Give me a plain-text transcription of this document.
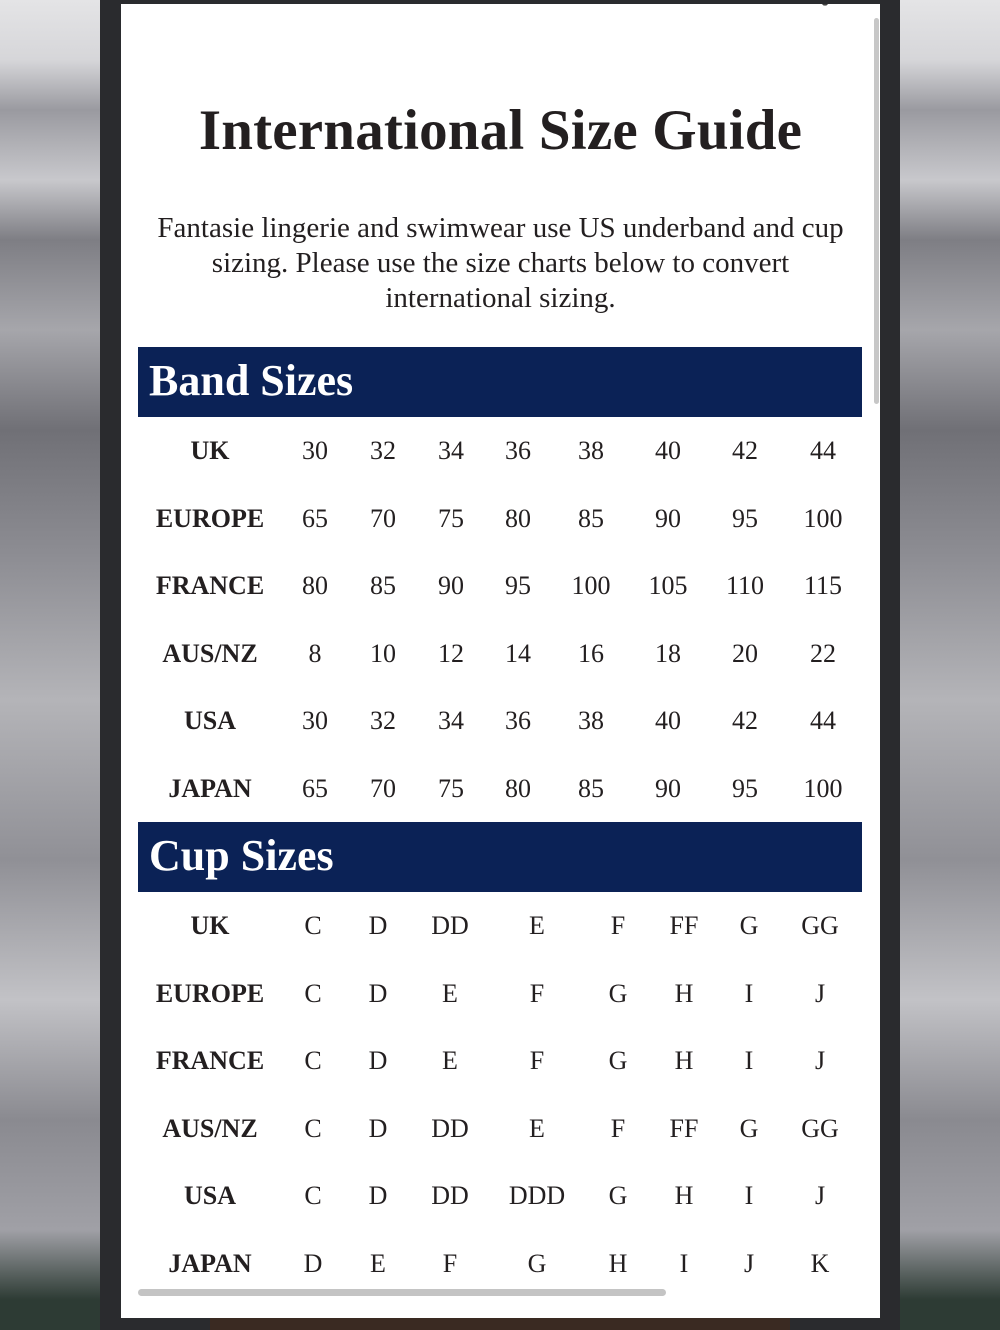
International Size Guide

Fantasie lingerie and swimwear use US underband and cup sizing. Please use the size charts below to convert international sizing.

Band Sizes
UK	30	32	34	36	38	40	42	44
EUROPE	65	70	75	80	85	90	95	100
FRANCE	80	85	90	95	100	105	110	115
AUS/NZ	8	10	12	14	16	18	20	22
USA	30	32	34	36	38	40	42	44
JAPAN	65	70	75	80	85	90	95	100
Cup Sizes
UK	C	D	DD	E	F	FF	G	GG
EUROPE	C	D	E	F	G	H	I	J
FRANCE	C	D	E	F	G	H	I	J
AUS/NZ	C	D	DD	E	F	FF	G	GG
USA	C	D	DD	DDD	G	H	I	J
JAPAN	D	E	F	G	H	I	J	K
